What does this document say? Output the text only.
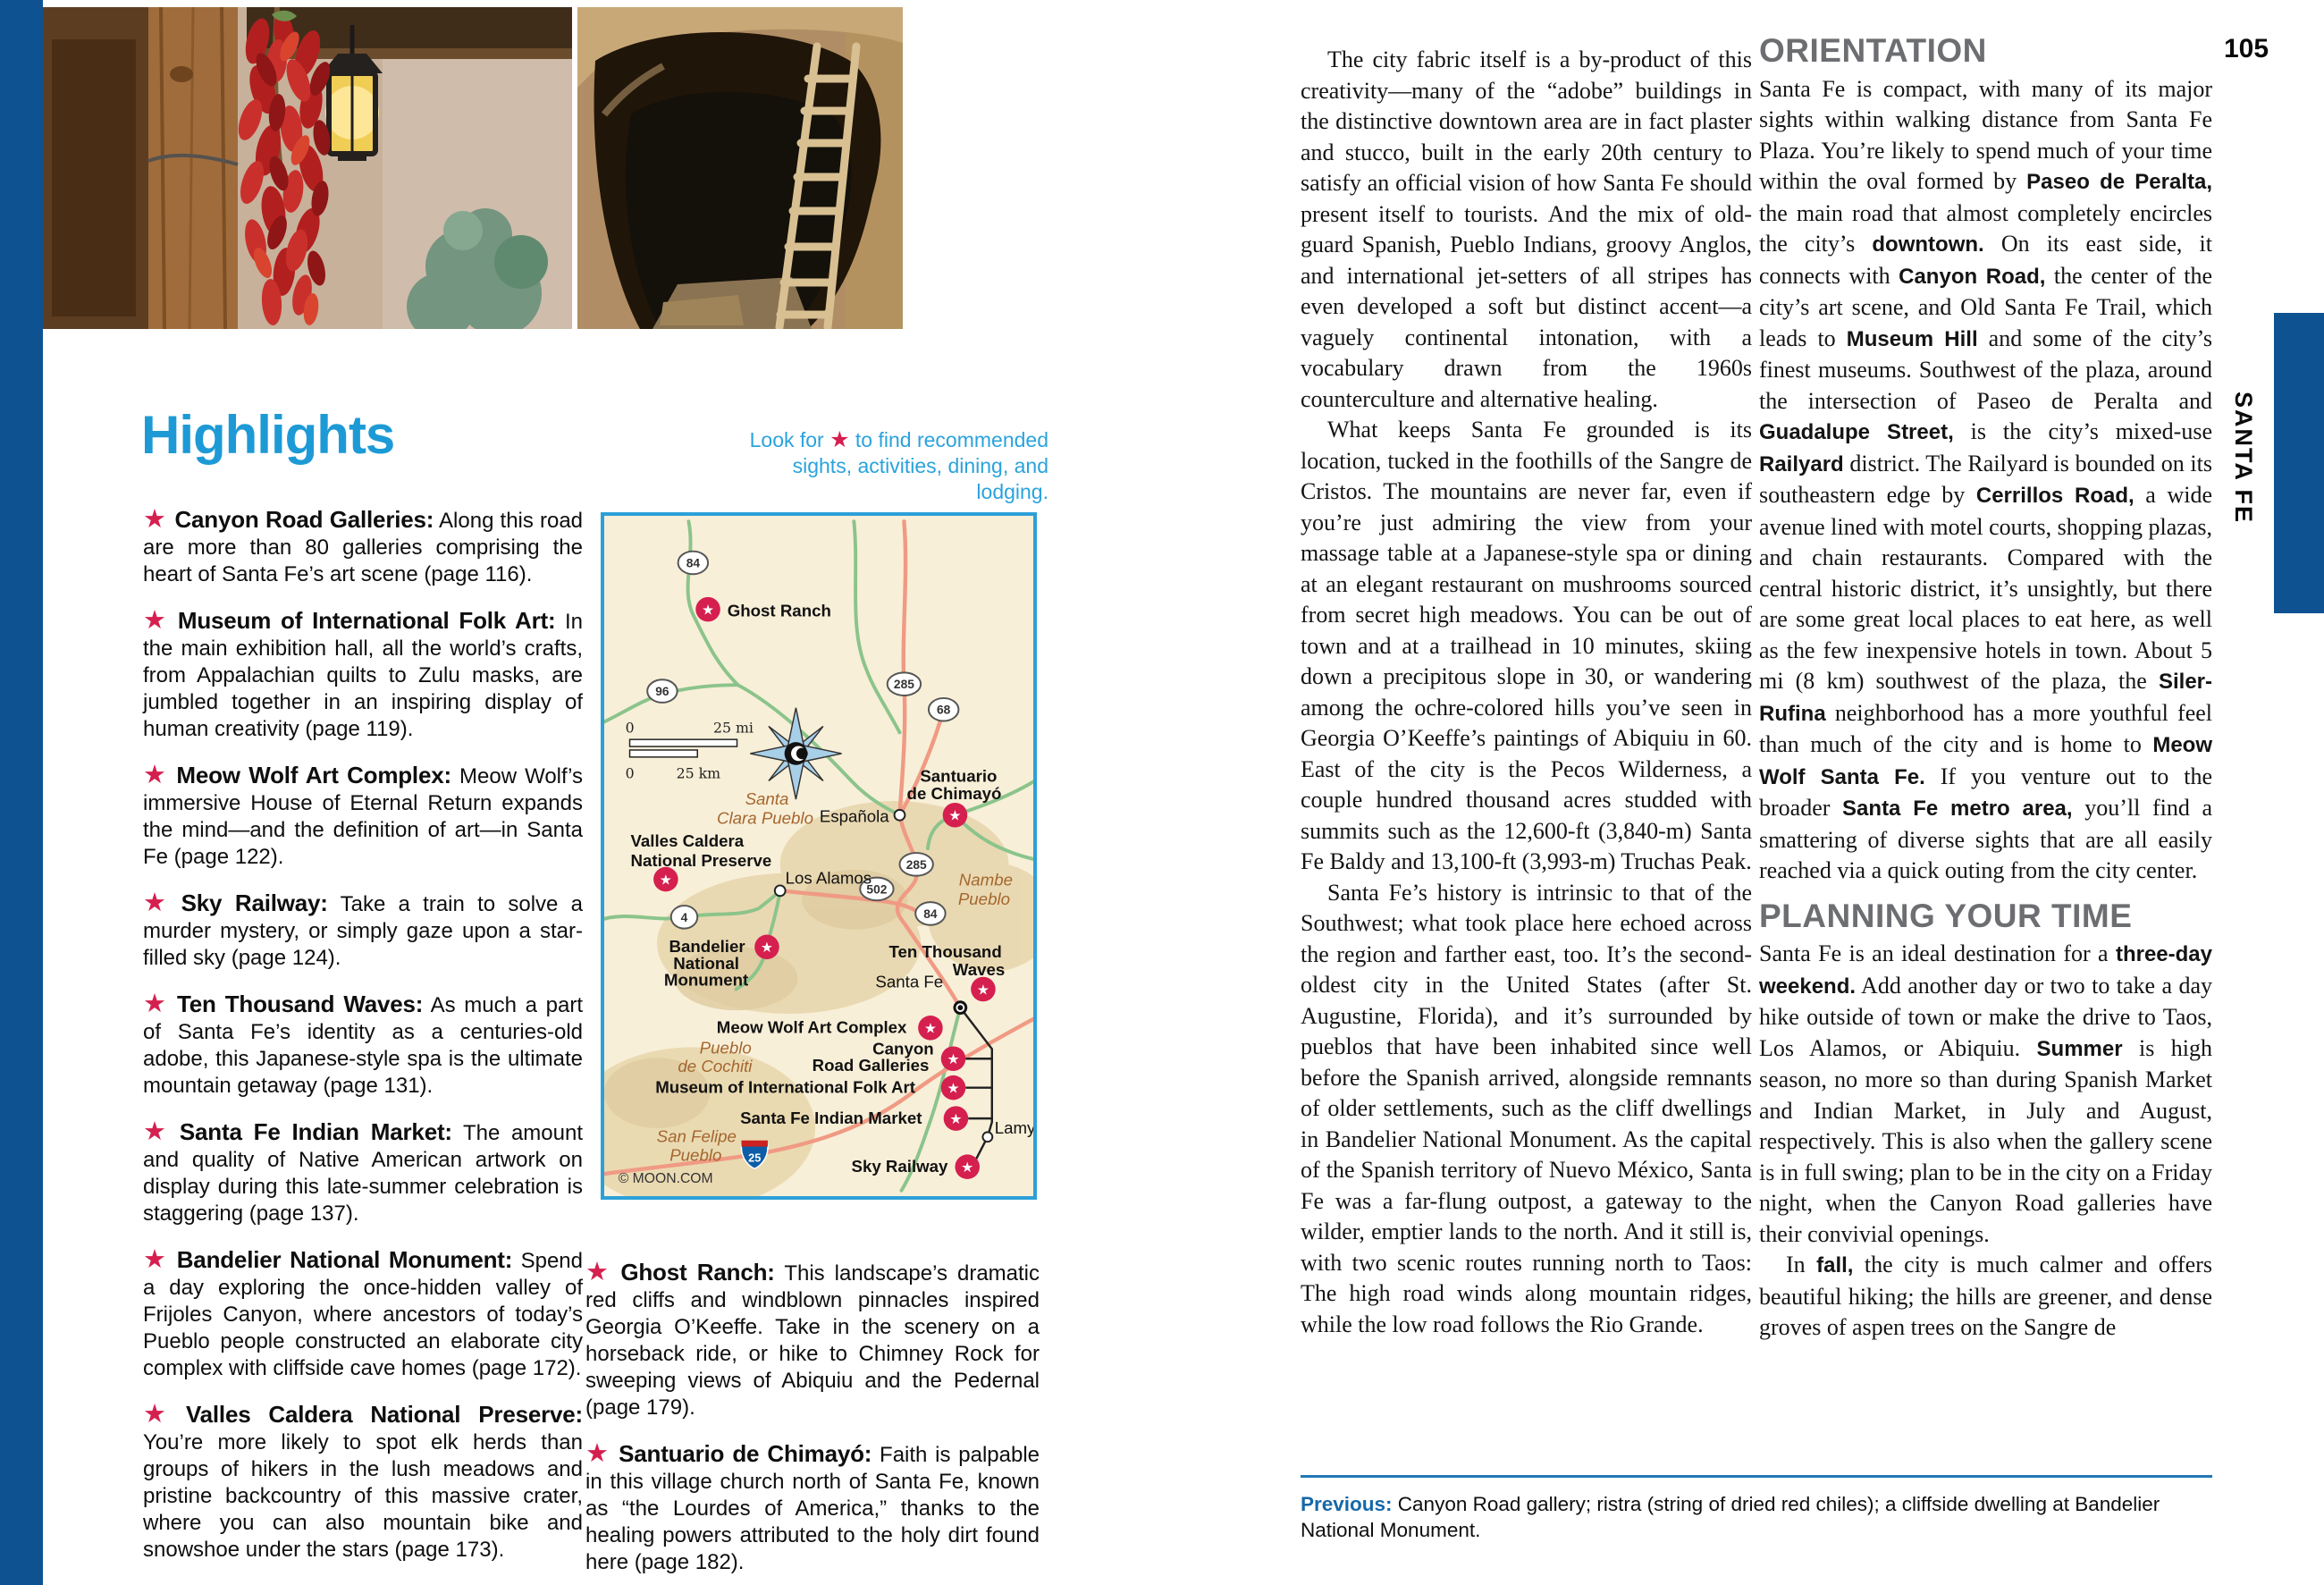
Highlights	Look for ★ to find recommended sights, activities, dining, and lodging.
★ Canyon Road Galleries: Along this road are more than 80 galleries comprising the heart of Santa Fe’s art scene (page 116).
★ Museum of International Folk Art: In the main exhibition hall, all the world’s crafts, from Appalachian quilts to Zulu masks, are jumbled together in an inspiring display of human creativity (page 119).
★ Meow Wolf Art Complex: Meow Wolf’s immersive House of Eternal Return expands the mind—and the definition of art—in Santa Fe (page 122).
★ Sky Railway: Take a train to solve a murder mystery, or simply gaze upon a star-filled sky (page 124).
★ Ten Thousand Waves: As much a part of Santa Fe’s identity as a centuries-old adobe, this Japanese-style spa is the ultimate mountain getaway (page 131).
★ Santa Fe Indian Market: The amount and quality of Native American artwork on display during this late-summer celebration is staggering (page 137).
★ Bandelier National Monument: Spend a day exploring the once-hidden valley of Frijoles Canyon, where ancestors of today’s Pueblo people constructed an elaborate city complex with cliffside cave homes (page 172).
★ Valles Caldera National Preserve: You’re more likely to spot elk herds than groups of hikers in the lush meadows and pristine backcountry of this massive crater, where you can also mountain bike and snowshoe under the stars (page 173).
★ Ghost Ranch: This landscape’s dramatic red cliffs and windblown pinnacles inspired Georgia O’Keeffe. Take in the scenery on a horseback ride, or hike to Chimney Rock for sweeping views of Abiquiu and the Pedernal (page 179).
★ Santuario de Chimayó: Faith is palpable in this village church north of Santa Fe, known as “the Lourdes of America,” thanks to the healing powers attributed to the holy dirt found here (page 182).
0	25 mi
0	25 km
84
96
285
68
285
502
84
4
25
★
★
★
★
★
★
★
★
★
★
Ghost Ranch
Santuario
de Chimayó
Valles Caldera
National Preserve
Santa
Clara Pueblo Española
Los Alamos	Nambe
Pueblo
Bandelier
National
Monument
Ten Thousand
Waves
Santa Fe
Meow Wolf Art Complex
Pueblo
de Cochiti
Canyon
Road Galleries
Museum of International Folk Art
Santa Fe Indian Market
San Felipe
Pueblo
Sky Railway
Lamy
© MOON.COM

The city fabric itself is a by-product of this creativity—many of the “adobe” buildings in the distinctive downtown area are in fact plaster and stucco, built in the early 20th century to satisfy an official vision of how Santa Fe should present itself to tourists. And the mix of old-guard Spanish, Pueblo Indians, groovy Anglos, and international jet-setters of all stripes has even developed a soft but distinct accent—a vaguely continental intonation, with a vocabulary drawn from the 1960s counterculture and alternative healing.

What keeps Santa Fe grounded is its location, tucked in the foothills of the Sangre de Cristos. The mountains are never far, even if you’re just admiring the view from your massage table at a Japanese-style spa or dining at an elegant restaurant on mushrooms sourced from secret high meadows. You can be out of town and at a trailhead in 10 minutes, skiing down a precipitous slope in 30, or wandering among the ochre-colored hills you’ve seen in Georgia O’Keeffe’s paintings of Abiquiu in 60. East of the city is the Pecos Wilderness, a couple hundred thousand acres studded with summits such as the 12,600-ft (3,840-m) Santa Fe Baldy and 13,100-ft (3,993-m) Truchas Peak.

Santa Fe’s history is intrinsic to that of the Southwest; what took place here echoed across the region and farther east, too. It’s the second-oldest city in the United States (after St. Augustine, Florida), and it’s surrounded by pueblos that have been inhabited since well before the Spanish arrived, alongside remnants of older settlements, such as the cliff dwellings in Bandelier National Monument. As the capital of the Spanish territory of Nuevo México, Santa Fe was a far-flung outpost, a gateway to the wilder, emptier lands to the north. And it still is, with two scenic routes running north to Taos: The high road winds along mountain ridges, while the low road follows the Rio Grande.

ORIENTATION

Santa Fe is compact, with many of its major sights within walking distance from Santa Fe Plaza. You’re likely to spend much of your time within the oval formed by Paseo de Peralta, the main road that almost completely encircles the city’s downtown. On its east side, it connects with Canyon Road, the center of the city’s art scene, and Old Santa Fe Trail, which leads to Museum Hill and some of the city’s finest museums. Southwest of the plaza, around the intersection of Paseo de Peralta and Guadalupe Street, is the city’s mixed-use Railyard district. The Railyard is bounded on its southeastern edge by Cerrillos Road, a wide avenue lined with motel courts, shopping plazas, and chain restaurants. Compared with the central historic district, it’s unsightly, but there are some great local places to eat here, as well as the few inexpensive hotels in town. About 5 mi (8 km) southwest of the plaza, the Siler-Rufina neighborhood has a more youthful feel than much of the city and is home to Meow Wolf Santa Fe. If you venture out to the broader Santa Fe metro area, you’ll find a smattering of diverse sights that are all easily reached via a quick outing from the city center.

PLANNING YOUR TIME

Santa Fe is an ideal destination for a three-day weekend. Add another day or two to take a day hike outside of town or make the drive to Taos, Los Alamos, or Abiquiu. Summer is high season, no more so than during Spanish Market and Indian Market, in July and August, respectively. This is also when the gallery scene is in full swing; plan to be in the city on a Friday night, when the Canyon Road galleries have their convivial openings.

In fall, the city is much calmer and offers beautiful hiking; the hills are greener, and dense groves of aspen trees on the Sangre de

Previous: Canyon Road gallery; ristra (string of dried red chiles); a cliffside dwelling at Bandelier National Monument.
105
SANTA FE
